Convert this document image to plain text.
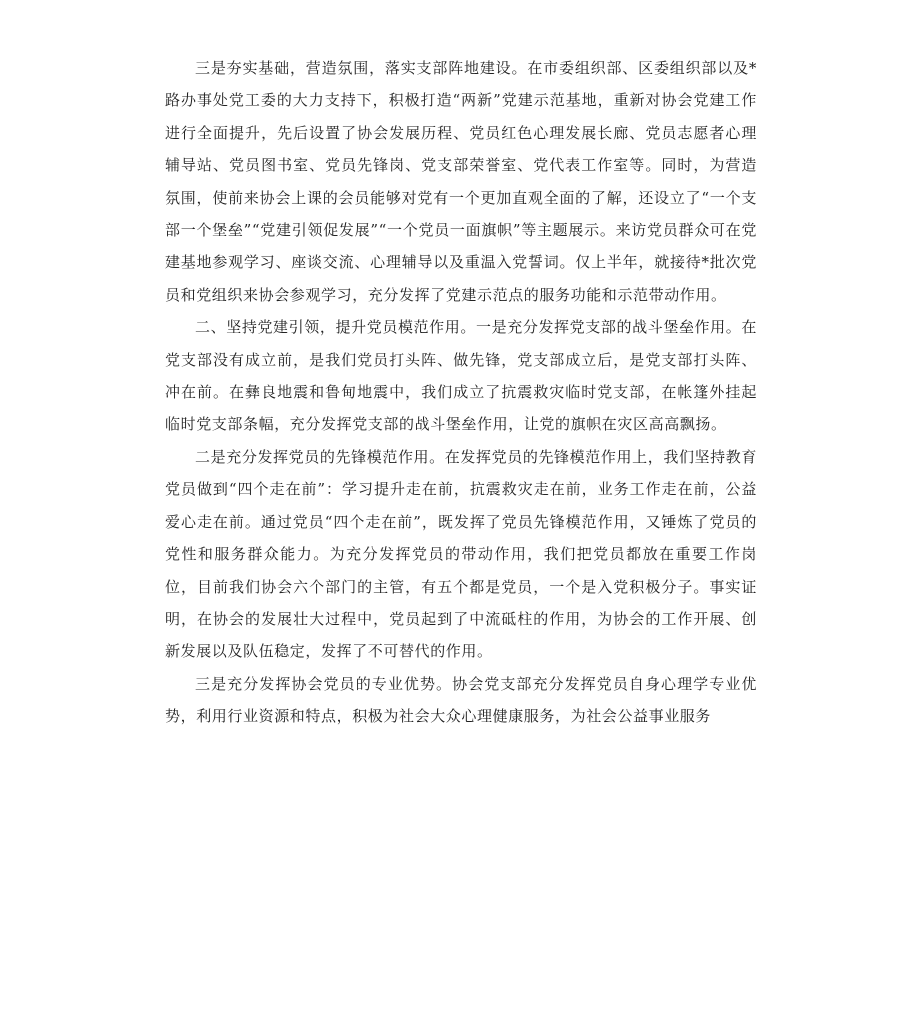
三是夯实基础，营造氛围，落实支部阵地建设。在市委组织部、区委组织部以及*路办事处党工委的大力支持下，积极打造“两新”党建示范基地，重新对协会党建工作进行全面提升，先后设置了协会发展历程、党员红色心理发展长廊、党员志愿者心理辅导站、党员图书室、党员先锋岗、党支部荣誉室、党代表工作室等。同时，为营造氛围，使前来协会上课的会员能够对党有一个更加直观全面的了解，还设立了“一个支部一个堡垒”“党建引领促发展”“一个党员一面旗帜”等主题展示。来访党员群众可在党建基地参观学习、座谈交流、心理辅导以及重温入党誓词。仅上半年，就接待*批次党员和党组织来协会参观学习，充分发挥了党建示范点的服务功能和示范带动作用。

二、坚持党建引领，提升党员模范作用。一是充分发挥党支部的战斗堡垒作用。在党支部没有成立前，是我们党员打头阵、做先锋，党支部成立后，是党支部打头阵、冲在前。在彝良地震和鲁甸地震中，我们成立了抗震救灾临时党支部，在帐篷外挂起临时党支部条幅，充分发挥党支部的战斗堡垒作用，让党的旗帜在灾区高高飘扬。

二是充分发挥党员的先锋模范作用。在发挥党员的先锋模范作用上，我们坚持教育党员做到“四个走在前”：学习提升走在前，抗震救灾走在前，业务工作走在前，公益爱心走在前。通过党员“四个走在前”，既发挥了党员先锋模范作用，又锤炼了党员的党性和服务群众能力。为充分发挥党员的带动作用，我们把党员都放在重要工作岗位，目前我们协会六个部门的主管，有五个都是党员，一个是入党积极分子。事实证明，在协会的发展壮大过程中，党员起到了中流砥柱的作用，为协会的工作开展、创新发展以及队伍稳定，发挥了不可替代的作用。

三是充分发挥协会党员的专业优势。协会党支部充分发挥党员自身心理学专业优势，利用行业资源和特点，积极为社会大众心理健康服务，为社会公益事业服务
